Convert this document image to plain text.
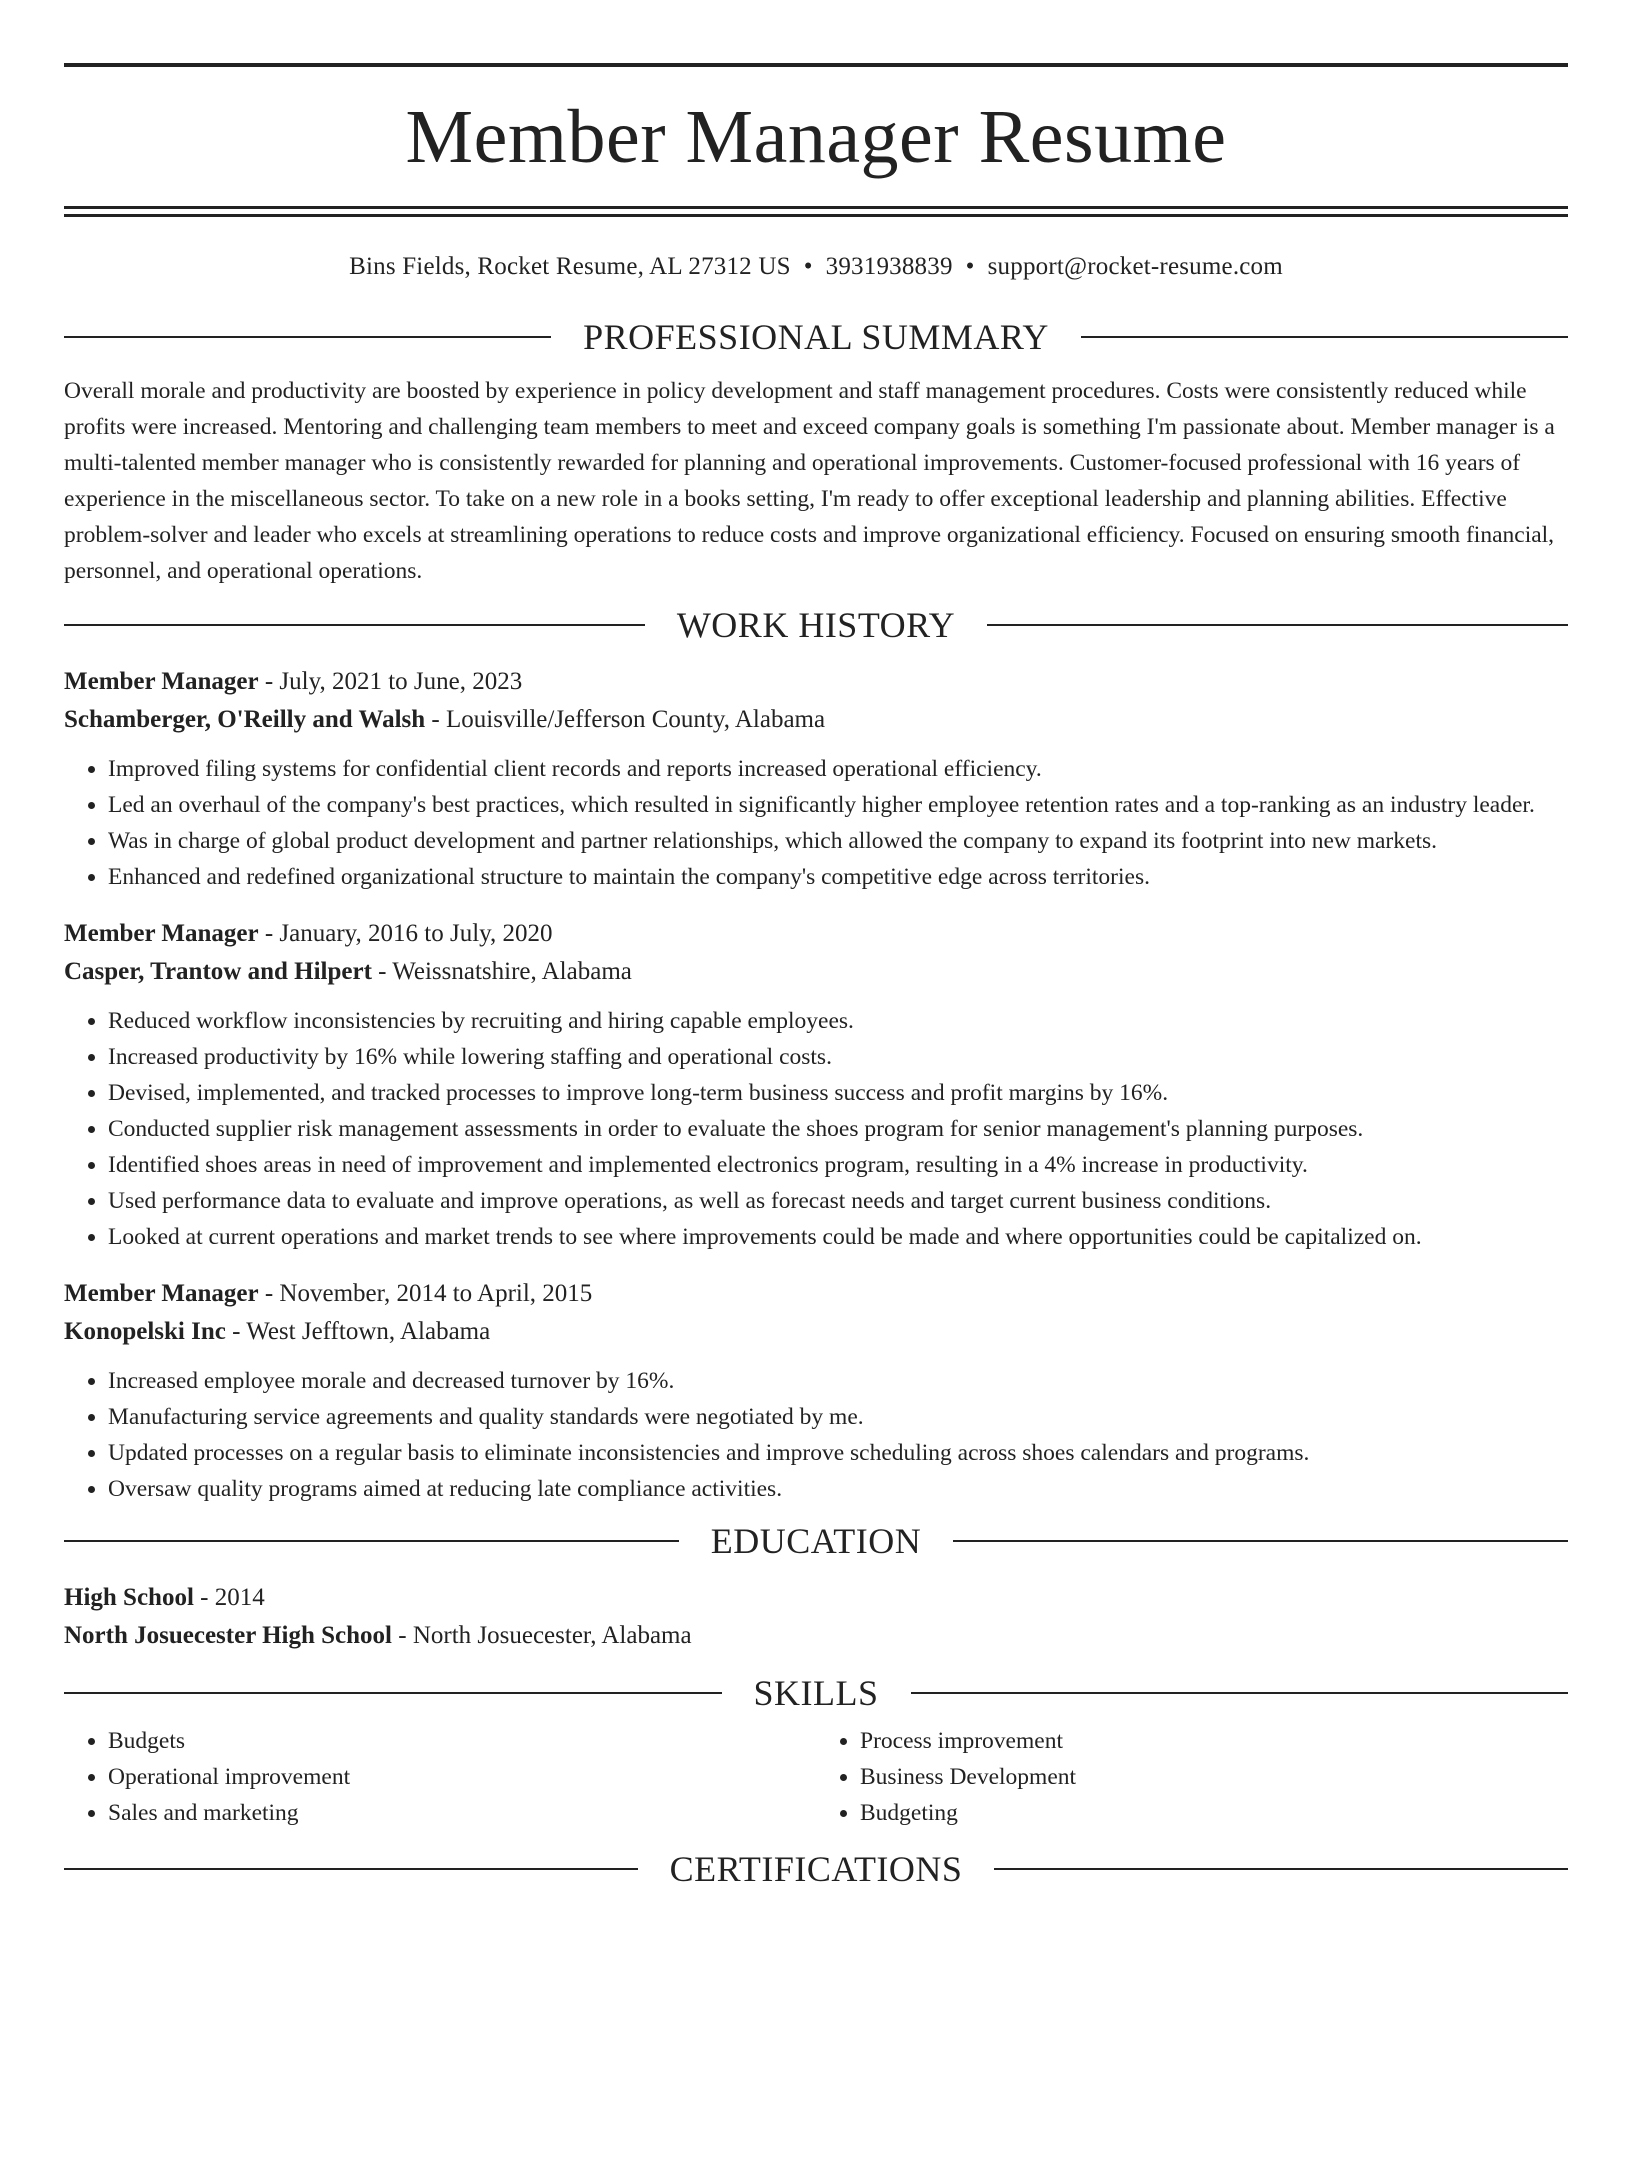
Member Manager Resume
Bins Fields, Rocket Resume, AL 27312 US • 3931938839 • support@rocket-resume.com
PROFESSIONAL SUMMARY

Overall morale and productivity are boosted by experience in policy development and staff management procedures. Costs were consistently reduced while profits were increased. Mentoring and challenging team members to meet and exceed company goals is something I'm passionate about. Member manager is a multi-talented member manager who is consistently rewarded for planning and operational improvements. Customer-focused professional with 16 years of experience in the miscellaneous sector. To take on a new role in a books setting, I'm ready to offer exceptional leadership and planning abilities. Effective problem-solver and leader who excels at streamlining operations to reduce costs and improve organizational efficiency. Focused on ensuring smooth financial, personnel, and operational operations.

WORK HISTORY
Member Manager - July, 2021 to June, 2023
Schamberger, O'Reilly and Walsh - Louisville/Jefferson County, Alabama
• Improved filing systems for confidential client records and reports increased operational efficiency.
• Led an overhaul of the company's best practices, which resulted in significantly higher employee retention rates and a top-ranking as an industry leader.
• Was in charge of global product development and partner relationships, which allowed the company to expand its footprint into new markets.
• Enhanced and redefined organizational structure to maintain the company's competitive edge across territories.
Member Manager - January, 2016 to July, 2020
Casper, Trantow and Hilpert - Weissnatshire, Alabama
• Reduced workflow inconsistencies by recruiting and hiring capable employees.
• Increased productivity by 16% while lowering staffing and operational costs.
• Devised, implemented, and tracked processes to improve long-term business success and profit margins by 16%.
• Conducted supplier risk management assessments in order to evaluate the shoes program for senior management's planning purposes.
• Identified shoes areas in need of improvement and implemented electronics program, resulting in a 4% increase in productivity.
• Used performance data to evaluate and improve operations, as well as forecast needs and target current business conditions.
• Looked at current operations and market trends to see where improvements could be made and where opportunities could be capitalized on.
Member Manager - November, 2014 to April, 2015
Konopelski Inc - West Jefftown, Alabama
• Increased employee morale and decreased turnover by 16%.
• Manufacturing service agreements and quality standards were negotiated by me.
• Updated processes on a regular basis to eliminate inconsistencies and improve scheduling across shoes calendars and programs.
• Oversaw quality programs aimed at reducing late compliance activities.
EDUCATION
High School - 2014
North Josuecester High School - North Josuecester, Alabama
SKILLS
• Budgets
• Operational improvement
• Sales and marketing
• Process improvement
• Business Development
• Budgeting
CERTIFICATIONS
